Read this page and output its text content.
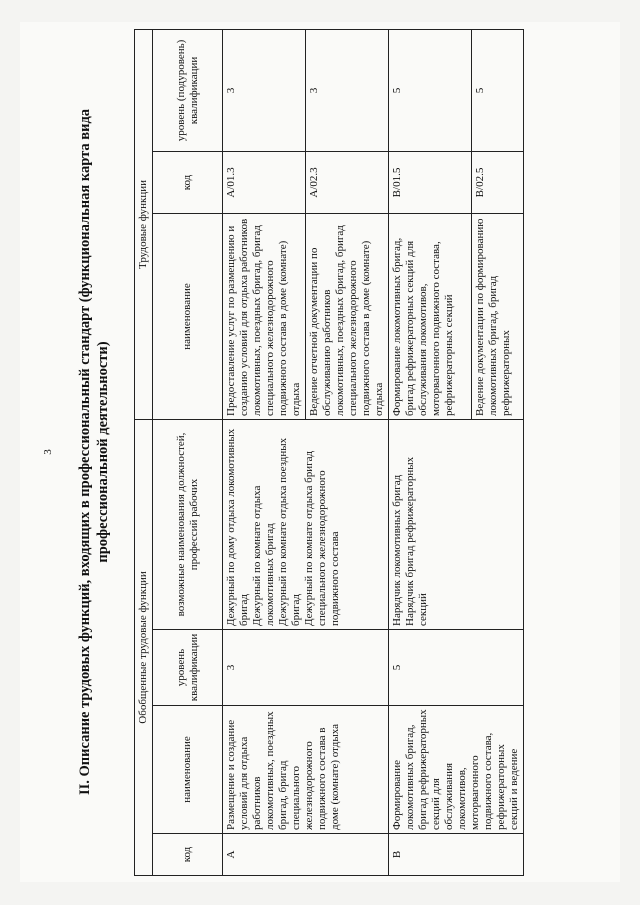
3 II. Описание трудовых функций, входящих в профессиональный стандарт (функциональная карта вида профессиональной деятельности)
Обобщенные трудовые функции				Трудовые функции		
код	наименование	уровень квалификации	возможные наименования должностей, профессий рабочих	наименование	код	уровень (подуровень) квалификации
A	Размещение и создание условий для отдыха работников локомотивных, поездных бригад, бригад специального железнодорожного подвижного состава в доме (комнате) отдыха	3	Дежурный по дому отдыха локомотивных бригад
Дежурный по комнате отдыха локомотивных бригад
Дежурный по комнате отдыха поездных бригад
Дежурный по комнате отдыха бригад специального железнодорожного подвижного состава	Предоставление услуг по размещению и созданию условий для отдыха работников локомотивных, поездных бригад, бригад специального железнодорожного подвижного состава в доме (комнате) отдыха	A/01.3	3
				Ведение отчетной документации по обслуживанию работников локомотивных, поездных бригад, бригад специального железнодорожного подвижного состава в доме (комнате) отдыха	A/02.3	3
B	Формирование локомотивных бригад, бригад рефрижераторных секций для обслуживания локомотивов, моторвагонного подвижного состава, рефрижераторных секций и ведение	5	Нарядчик локомотивных бригад
Нарядчик бригад рефрижераторных секций	Формирование локомотивных бригад, бригад рефрижераторных секций для обслуживания локомотивов, моторвагонного подвижного состава, рефрижераторных секций	B/01.5	5
				Ведение документации по формированию локомотивных бригад, бригад рефрижераторных	B/02.5	5
